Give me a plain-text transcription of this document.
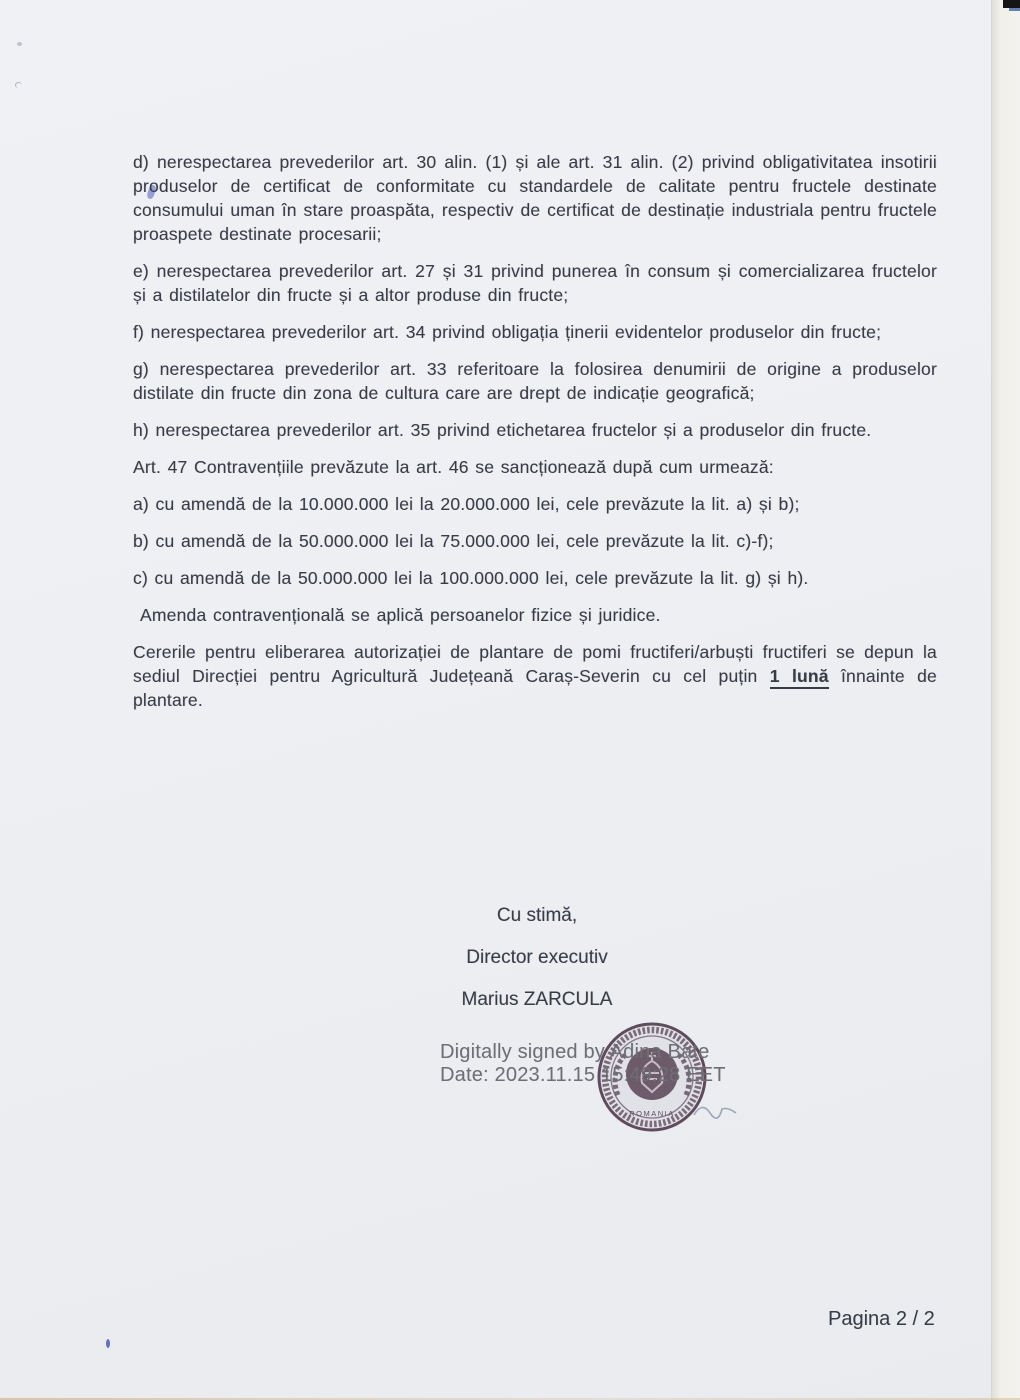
d) nerespectarea prevederilor art. 30 alin. (1) și ale art. 31 alin. (2) privind obligativitatea insotirii produselor de certificat de conformitate cu standardele de calitate pentru fructele destinate consumului uman în stare proaspăta, respectiv de certificat de destinație industriala pentru fructele proaspete destinate procesarii;

e) nerespectarea prevederilor art. 27 și 31 privind punerea în consum și comercializarea fructelor și a distilatelor din fructe și a altor produse din fructe;

f) nerespectarea prevederilor art. 34 privind obligația ținerii evidentelor produselor din fructe;

g) nerespectarea prevederilor art. 33 referitoare la folosirea denumirii de origine a produselor distilate din fructe din zona de cultura care are drept de indicație geografică;

h) nerespectarea prevederilor art. 35 privind etichetarea fructelor și a produselor din fructe.

Art. 47 Contravențiile prevăzute la art. 46 se sancționează după cum urmează:

a) cu amendă de la 10.000.000 lei la 20.000.000 lei, cele prevăzute la lit. a) și b);

b) cu amendă de la 50.000.000 lei la 75.000.000 lei, cele prevăzute la lit. c)-f);

c) cu amendă de la 50.000.000 lei la 100.000.000 lei, cele prevăzute la lit. g) și h).

Amenda contravențională se aplică persoanelor fizice și juridice.

Cererile pentru eliberarea autorizației de plantare de pomi fructiferi/arbuști fructiferi se depun la sediul Direcției pentru Agricultură Județeană Caraș-Severin cu cel puțin 1 lună înnainte de plantare.

Cu stimă,
Director executiv
Marius ZARCULA
ROMANIA
Digitally signed by Adina Bate
Date: 2023.11.15 15:49:28 EET
Pagina 2 / 2
